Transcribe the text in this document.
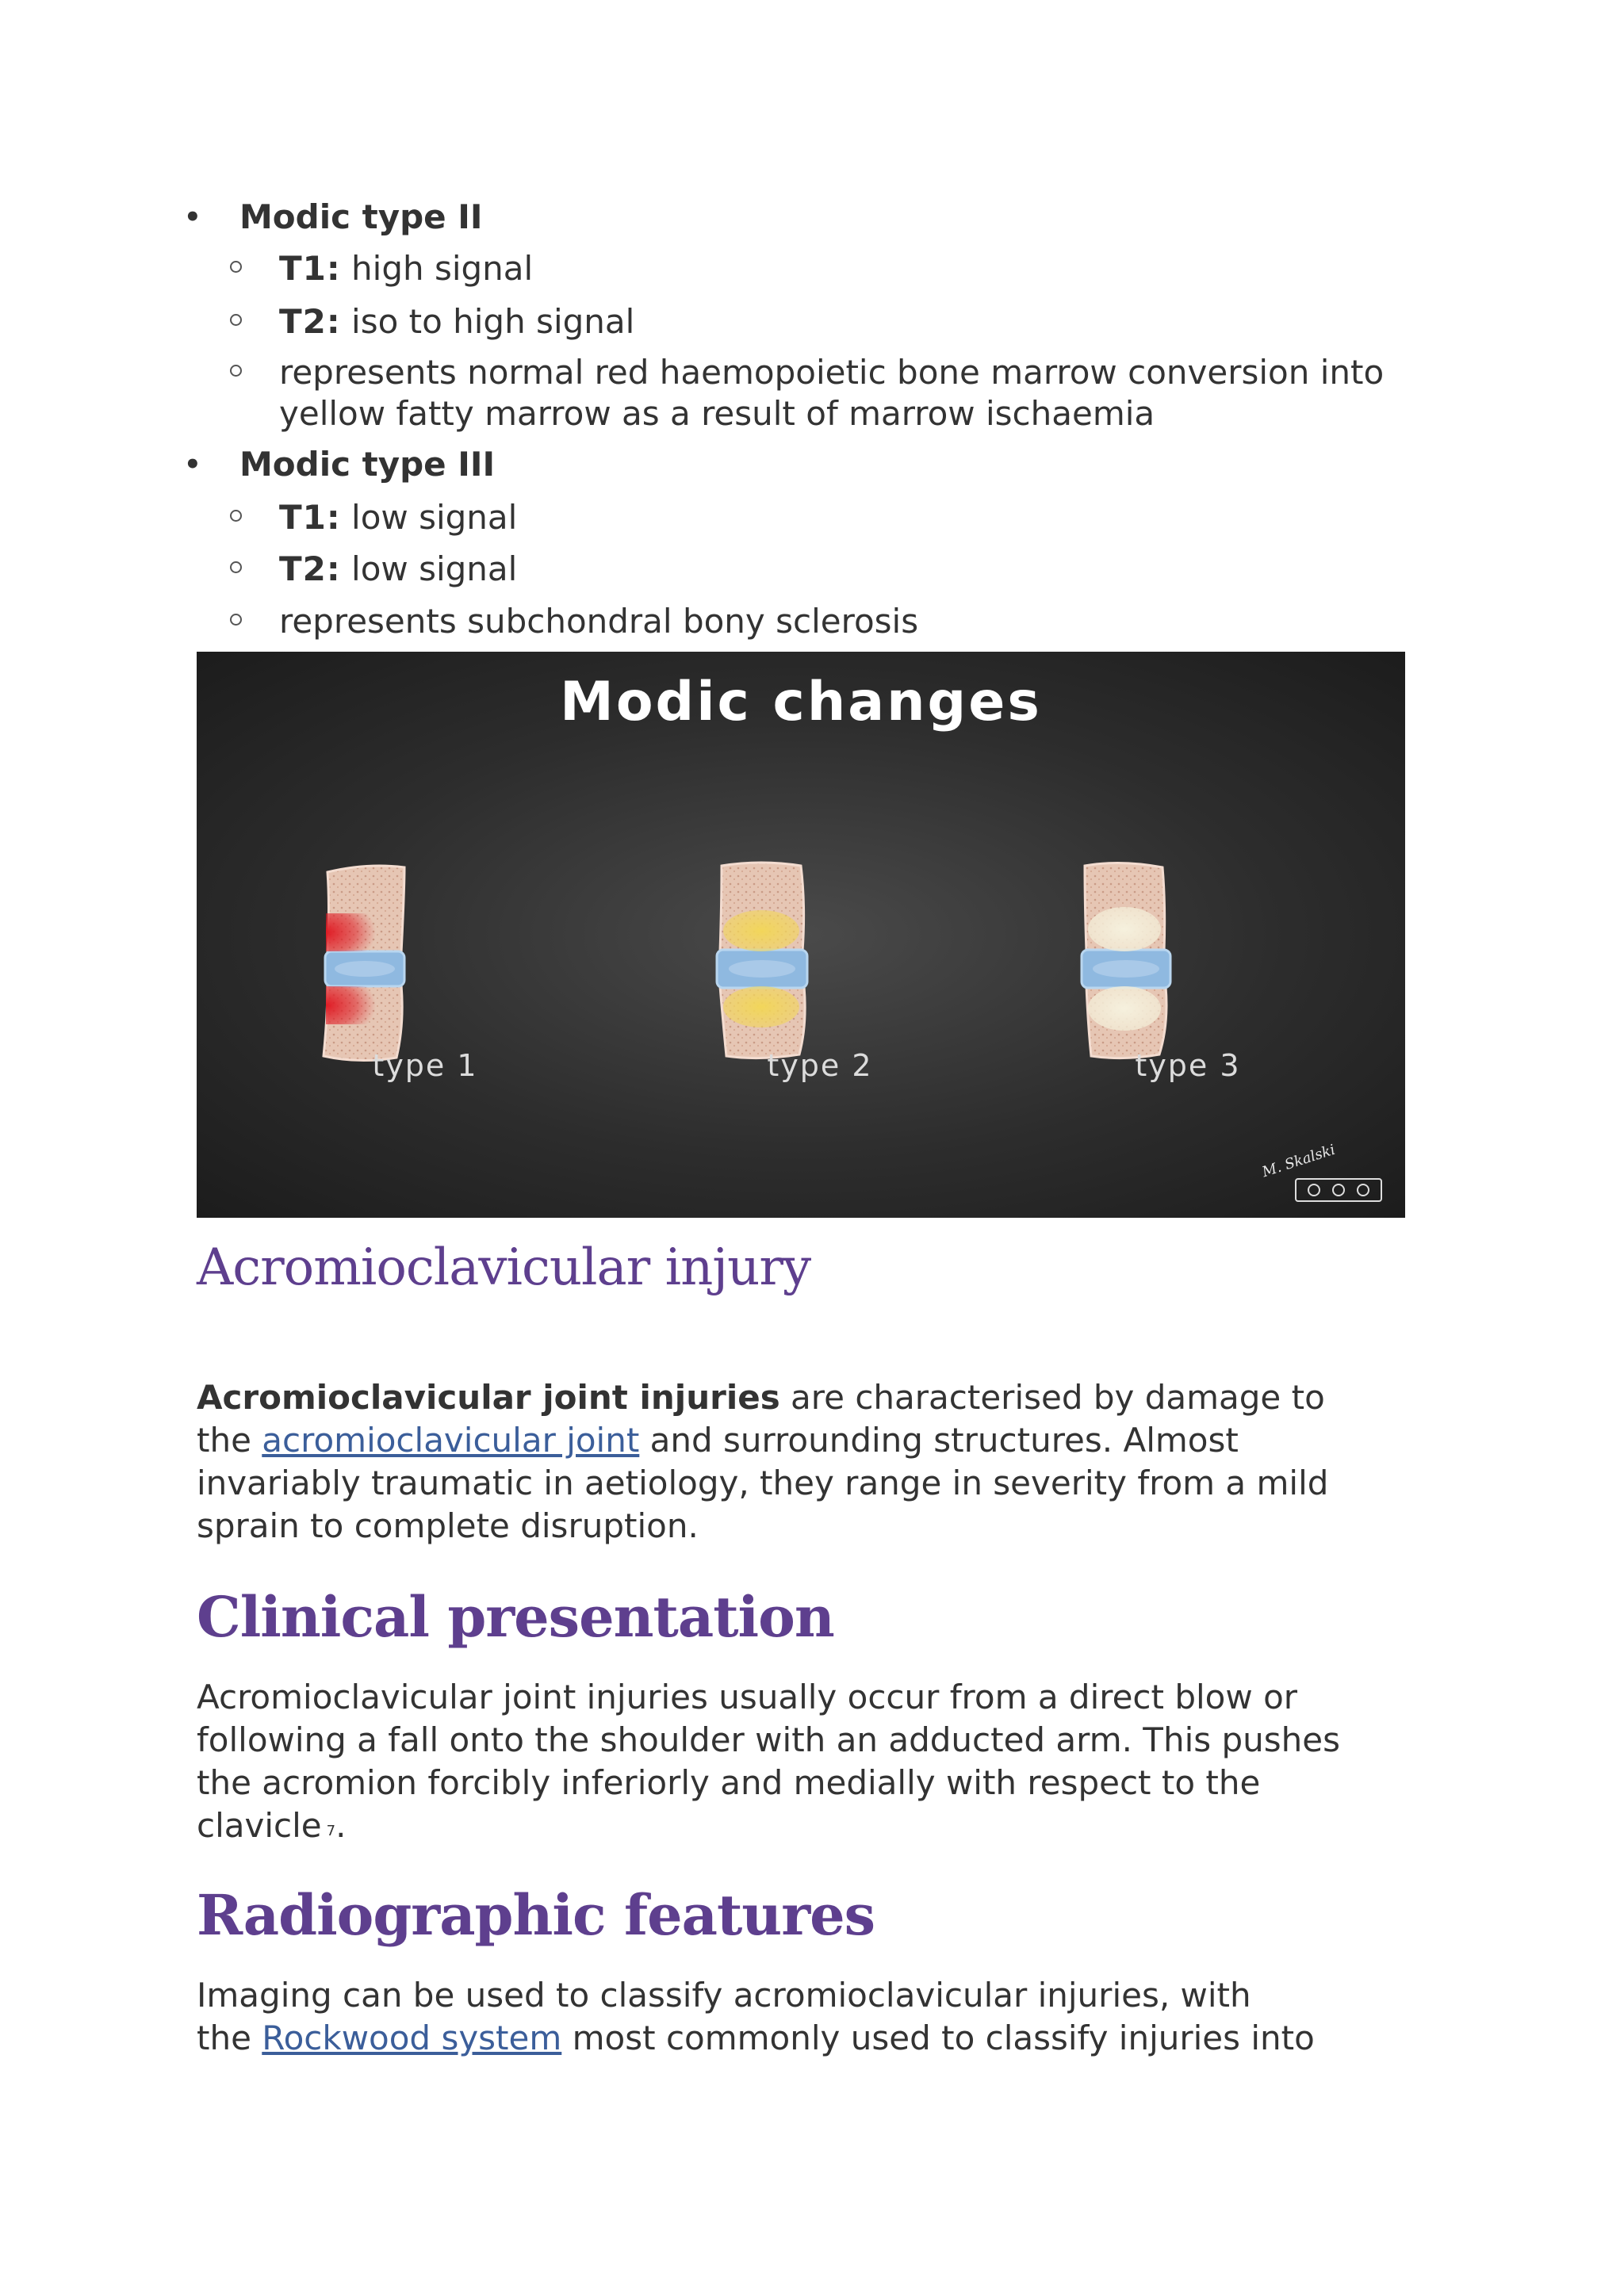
• Modic type II
T1: high signal
T2: iso to high signal
represents normal red haemopoietic bone marrow conversion into
yellow fatty marrow as a result of marrow ischaemia
• Modic type III
T1: low signal
T2: low signal
represents subchondral bony sclerosis
Modic changes
type 1	type 2	type 3
M. Skalski
Acromioclavicular injury
Acromioclavicular joint injuries are characterised by damage to
the acromioclavicular joint and surrounding structures. Almost
invariably traumatic in aetiology, they range in severity from a mild
sprain to complete disruption.
Clinical presentation
Acromioclavicular joint injuries usually occur from a direct blow or
following a fall onto the shoulder with an adducted arm. This pushes
the acromion forcibly inferiorly and medially with respect to the
clavicle 7.
Radiographic features
Imaging can be used to classify acromioclavicular injuries, with
the Rockwood system most commonly used to classify injuries into
